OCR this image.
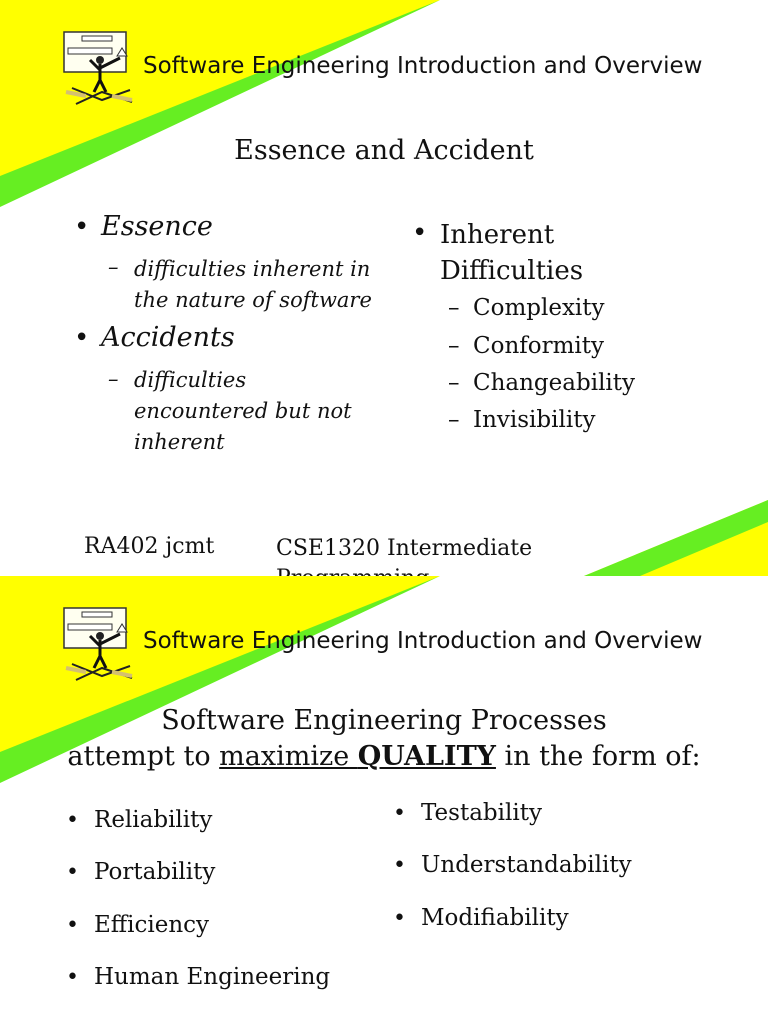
Software Engineering Introduction and Overview
Essence and Accident
• Essence
– difficulties inherent in the nature of software
• Accidents
– difficulties encountered but not inherent
• Inherent Difficulties
– Complexity
– Conformity
– Changeability
– Invisibility
RA402 jcmt	CSE1320 Intermediate
Software Engineering Introduction and Overview
Software Engineering Processes
attempt to maximize QUALITY in the form of:
• Reliability
• Portability
• Efficiency
• Human Engineering
• Testability
• Understandability
• Modifiability
